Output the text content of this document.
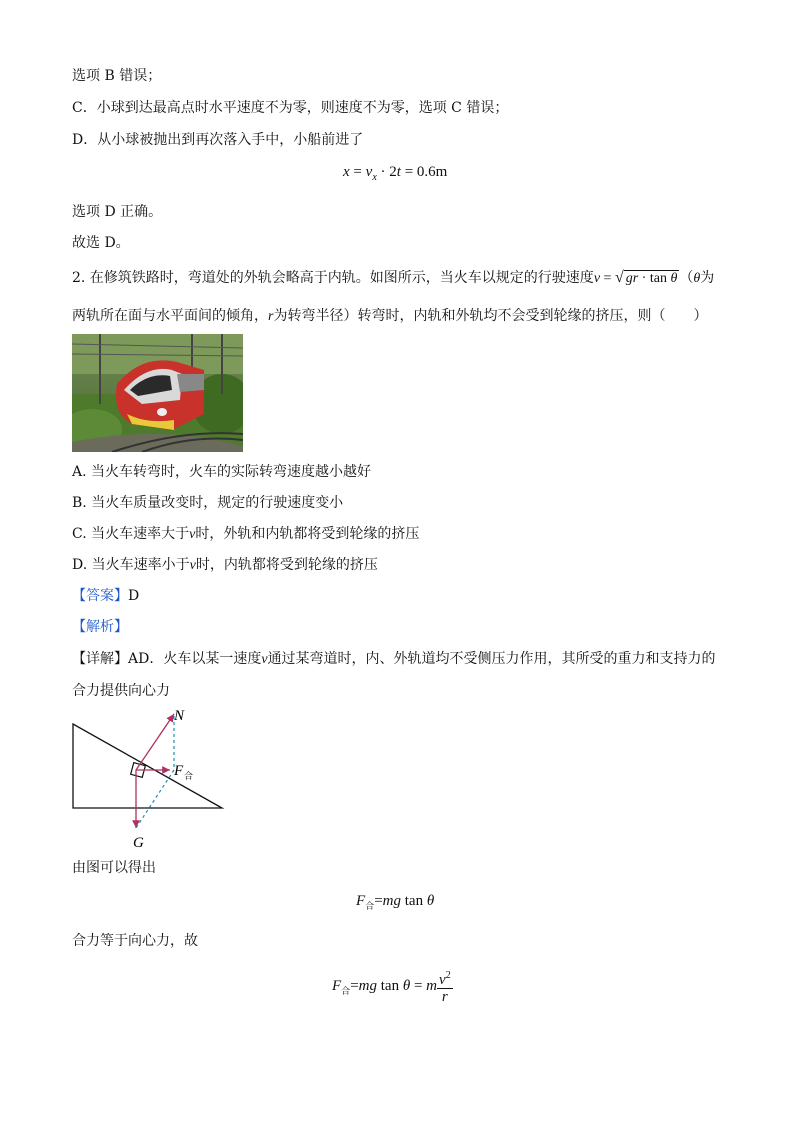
选项 B 错误；
C．小球到达最高点时水平速度不为零，则速度不为零，选项 C 错误；
D．从小球被抛出到再次落入手中，小船前进了
$x = v_x \cdot 2t = 0.6m$
选项 D 正确。
故选 D。
2. 在修筑铁路时，弯道处的外轨会略高于内轨。如图所示，当火车以规定的行驶速度v = √ gr · tan θ （θ为
两轨所在面与水平面间的倾角，r为转弯半径）转弯时，内轨和外轨均不会受到轮缘的挤压，则（　　）
A. 当火车转弯时，火车的实际转弯速度越小越好
B. 当火车质量改变时，规定的行驶速度变小
C. 当火车速率大于v时，外轨和内轨都将受到轮缘的挤压
D. 当火车速率小于v时，内轨都将受到轮缘的挤压
【答案】D
【解析】
【详解】AD．火车以某一速度v通过某弯道时，内、外轨道均不受侧压力作用，其所受的重力和支持力的
合力提供向心力
N
F 合
G
由图可以得出
$F_合=mg$ tan θ
合力等于向心力，故
$F_合=mg$ tan θ = m $\frac{v^2}{r}$
